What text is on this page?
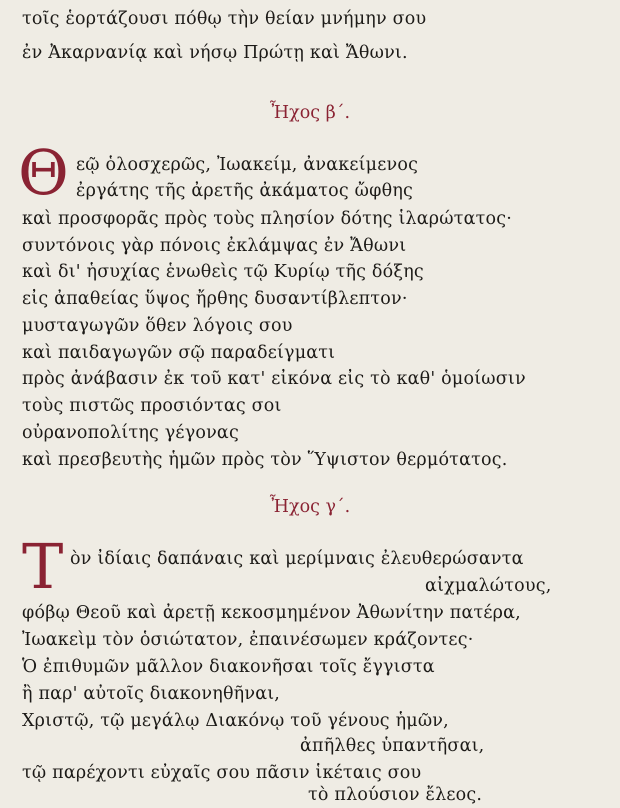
τοῖς ἑορτάζουσι πόθῳ τὴν θείαν μνήμην σου
ἐν Ἀκαρνανίᾳ καὶ νήσῳ Πρώτῃ καὶ Ἄθωνι.
Ἦχος β΄.
Θ εῷ ὁλοσχερῶς, Ἰωακείμ, ἀνακείμενος
ἐργάτης τῆς ἀρετῆς ἀκάματος ὤφθης
καὶ προσφορᾶς πρὸς τοὺς πλησίον δότης ἱλαρώτατος·
συντόνοις γὰρ πόνοις ἐκλάμψας ἐν Ἄθωνι
καὶ δι' ἡσυχίας ἑνωθεὶς τῷ Κυρίῳ τῆς δόξης
εἰς ἀπαθείας ὕψος ἤρθης δυσαντίβλεπτον·
μυσταγωγῶν ὅθεν λόγοις σου
καὶ παιδαγωγῶν σῷ παραδείγματι
πρὸς ἀνάβασιν ἐκ τοῦ κατ' εἰκόνα εἰς τὸ καθ' ὁμοίωσιν
τοὺς πιστῶς προσιόντας σοι
οὐρανοπολίτης γέγονας
καὶ πρεσβευτὴς ἡμῶν πρὸς τὸν Ὕψιστον θερμότατος.
Ἦχος γ΄.
Τ ὸν ἰδίαις δαπάναις καὶ μερίμναις ἐλευθερώσαντα
αἰχμαλώτους,
φόβῳ Θεοῦ καὶ ἀρετῇ κεκοσμημένον Ἀθωνίτην πατέρα,
Ἰωακεὶμ τὸν ὁσιώτατον, ἐπαινέσωμεν κράζοντες·
Ὁ ἐπιθυμῶν μᾶλλον διακονῆσαι τοῖς ἔγγιστα
ἢ παρ' αὐτοῖς διακονηθῆναι,
Χριστῷ, τῷ μεγάλῳ Διακόνῳ τοῦ γένους ἡμῶν,
ἀπῆλθες ὑπαντῆσαι,
τῷ παρέχοντι εὐχαῖς σου πᾶσιν ἱκέταις σου
τὸ πλούσιον ἔλεος.
